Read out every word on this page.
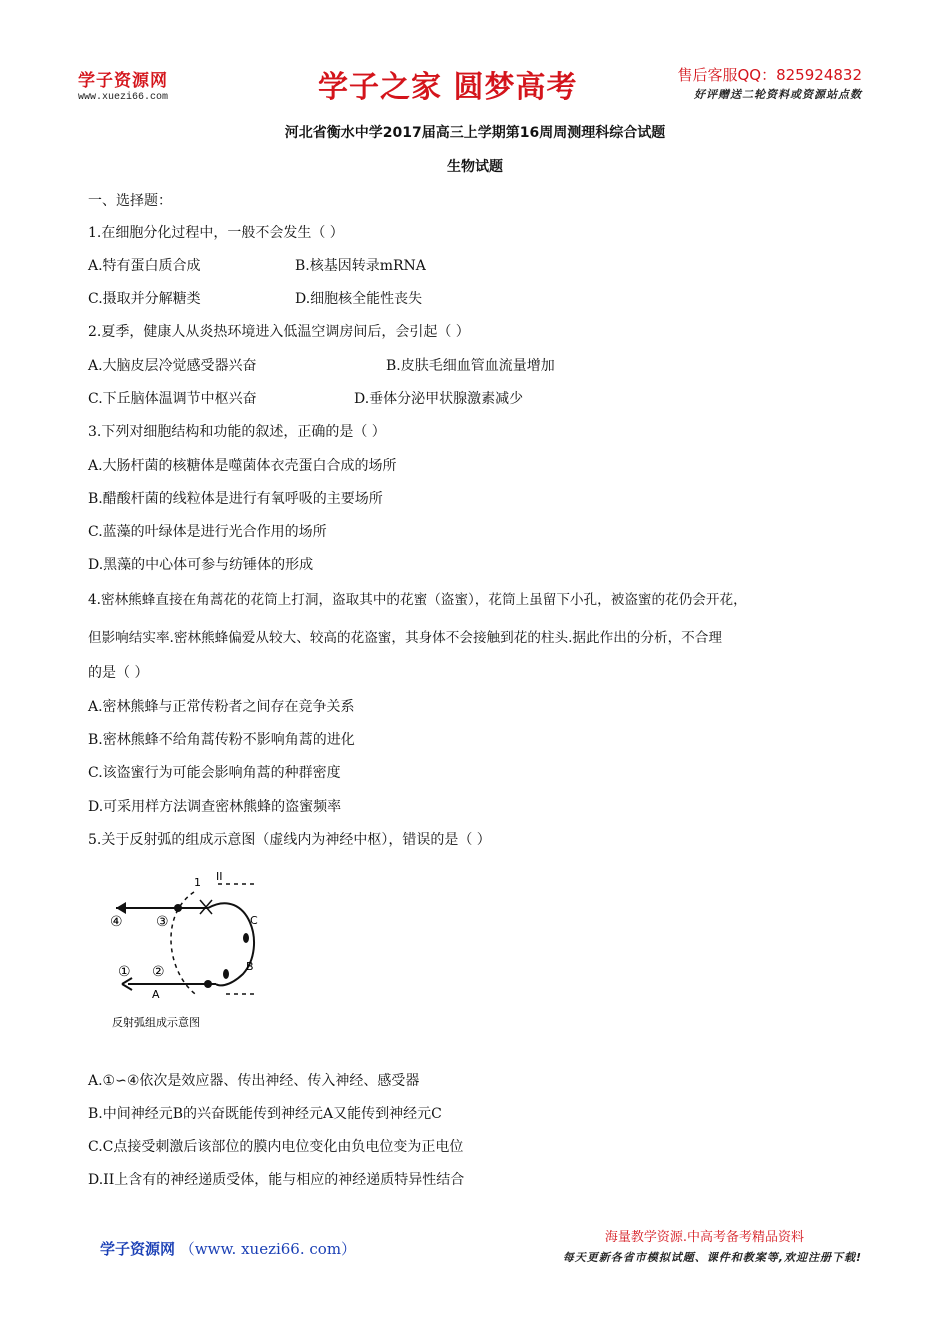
学子资源网
www.xuezi66.com	学子之家 圆梦高考	售后客服QQ：825924832
好评赠送二轮资料或资源站点数
河北省衡水中学2017届高三上学期第16周周测理科综合试题
生物试题
一、选择题：
1.在细胞分化过程中，一般不会发生（ ）
A.特有蛋白质合成	B.核基因转录mRNA
C.摄取并分解糖类	D.细胞核全能性丧失
2.夏季，健康人从炎热环境进入低温空调房间后，会引起（ ）
A.大脑皮层冷觉感受器兴奋	B.皮肤毛细血管血流量增加
C.下丘脑体温调节中枢兴奋	D.垂体分泌甲状腺激素减少
3.下列对细胞结构和功能的叙述，正确的是（ ）
A.大肠杆菌的核糖体是噬菌体衣壳蛋白合成的场所
B.醋酸杆菌的线粒体是进行有氧呼吸的主要场所
C.蓝藻的叶绿体是进行光合作用的场所
D.黑藻的中心体可参与纺锤体的形成
4.密林熊蜂直接在角蒿花的花筒上打洞，盗取其中的花蜜（盗蜜），花筒上虽留下小孔，被盗蜜的花仍会开花，
但影响结实率.密林熊蜂偏爱从较大、较高的花盗蜜，其身体不会接触到花的柱头.据此作出的分析，不合理
的是（ ）
A.密林熊蜂与正常传粉者之间存在竞争关系
B.密林熊蜂不给角蒿传粉不影响角蒿的进化
C.该盗蜜行为可能会影响角蒿的种群密度
D.可采用样方法调查密林熊蜂的盗蜜频率
5.关于反射弧的组成示意图（虚线内为神经中枢），错误的是（ ）
1 II
C
B
A
④ ③
① ②
反射弧组成示意图
A.①∽④依次是效应器、传出神经、传入神经、感受器
B.中间神经元B的兴奋既能传到神经元A又能传到神经元C
C.C点接受刺激后该部位的膜内电位变化由负电位变为正电位
D.II上含有的神经递质受体，能与相应的神经递质特异性结合
学子资源网 （www. xuezi66. com）
海量教学资源.中高考备考精品资料
每天更新各省市模拟试题、课件和教案等,欢迎注册下载!
